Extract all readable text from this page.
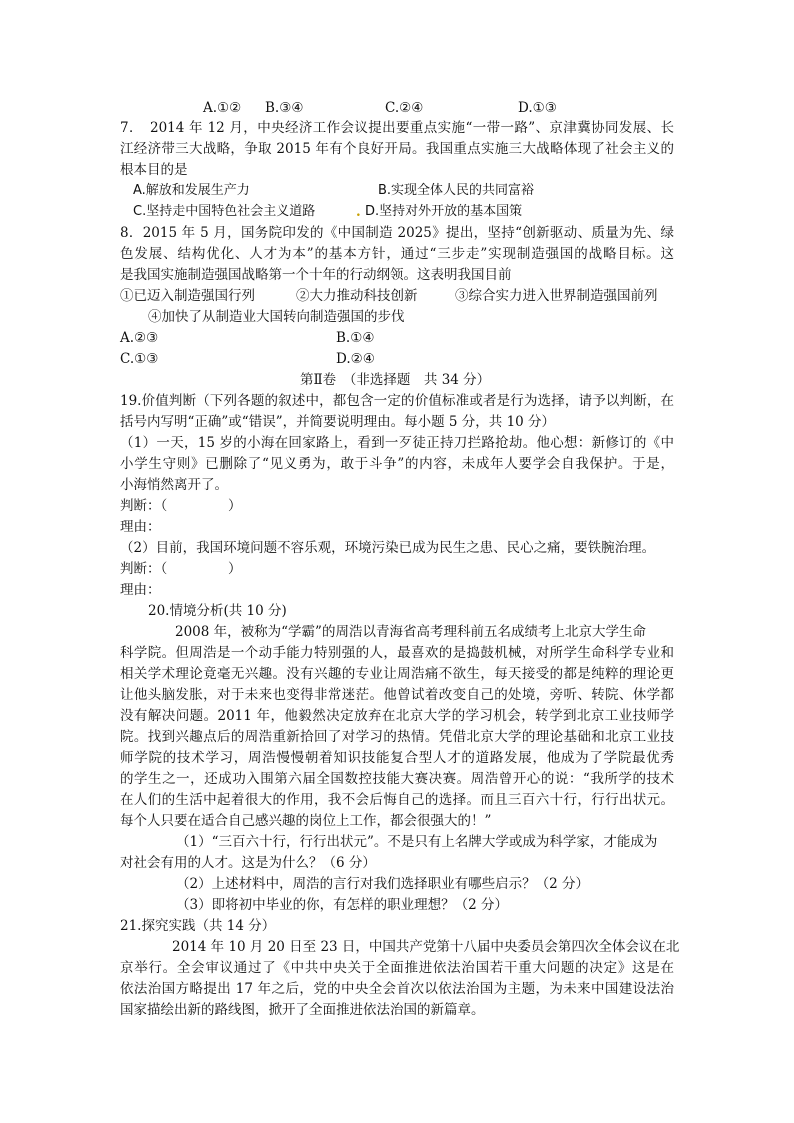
A.①② B.③④	C.②④	D.①③
7．　2014 年 12 月，中央经济工作会议提出要重点实施“一带一路”、京津冀协同发展、长
江经济带三大战略，争取 2015 年有个良好开局。我国重点实施三大战略体现了社会主义的
根本目的是
A.解放和发展生产力	B.实现全体人民的共同富裕
C.坚持走中国特色社会主义道路	. D.坚持对外开放的基本国策
8．2015 年 5 月，国务院印发的《中国制造 2025》提出，坚持“创新驱动、质量为先、绿
色发展、结构优化、人才为本”的基本方针，通过“三步走”实现制造强国的战略目标。这
是我国实施制造强国战略第一个十年的行动纲领。这表明我国目前
①已迈入制造强国行列	②大力推动科技创新	③综合实力进入世界制造强国前列
④加快了从制造业大国转向制造强国的步伐
A.②③	B.①④
C.①③	D.②④
第Ⅱ卷　（非选择题　共 34 分）
19.价值判断（下列各题的叙述中，都包含一定的价值标准或者是行为选择，请予以判断，在
括号内写明“正确”或“错误”，并简要说明理由。每小题 5 分，共 10 分）
（1）一天，15 岁的小海在回家路上，看到一歹徒正持刀拦路抢劫。他心想：新修订的《中
小学生守则》已删除了“见义勇为，敢于斗争”的内容，未成年人要学会自我保护。于是，
小海悄然离开了。
判断：（	）
理由：
（2）目前，我国环境问题不容乐观，环境污染已成为民生之患、民心之痛，要铁腕治理。
判断：（	）
理由：
20.情境分析(共 10 分)
2008 年，被称为“学霸”的周浩以青海省高考理科前五名成绩考上北京大学生命
科学院。但周浩是一个动手能力特别强的人，最喜欢的是捣鼓机械，对所学生命科学专业和
相关学术理论竟毫无兴趣。没有兴趣的专业让周浩痛不欲生，每天接受的都是纯粹的理论更
让他头脑发胀，对于未来也变得非常迷茫。他曾试着改变自己的处境，旁听、转院、休学都
没有解决问题。2011 年，他毅然决定放弃在北京大学的学习机会，转学到北京工业技师学
院。找到兴趣点后的周浩重新拾回了对学习的热情。凭借北京大学的理论基础和北京工业技
师学院的技术学习，周浩慢慢朝着知识技能复合型人才的道路发展，他成为了学院最优秀
的学生之一，还成功入围第六届全国数控技能大赛决赛。周浩曾开心的说：“我所学的技术
在人们的生活中起着很大的作用，我不会后悔自己的选择。而且三百六十行，行行出状元。
每个人只要在适合自己感兴趣的岗位上工作，都会很强大的！”
（1）“三百六十行，行行出状元”。不是只有上名牌大学或成为科学家，才能成为
对社会有用的人才。这是为什么？（6 分）
（2）上述材料中，周浩的言行对我们选择职业有哪些启示？（2 分）
（3）即将初中毕业的你，有怎样的职业理想？（2 分）
21.探究实践（共 14 分）
2014 年 10 月 20 日至 23 日，中国共产党第十八届中央委员会第四次全体会议在北
京举行。全会审议通过了《中共中央关于全面推进依法治国若干重大问题的决定》这是在
依法治国方略提出 17 年之后，党的中央全会首次以依法治国为主题，为未来中国建设法治
国家描绘出新的路线图，掀开了全面推进依法治国的新篇章。
